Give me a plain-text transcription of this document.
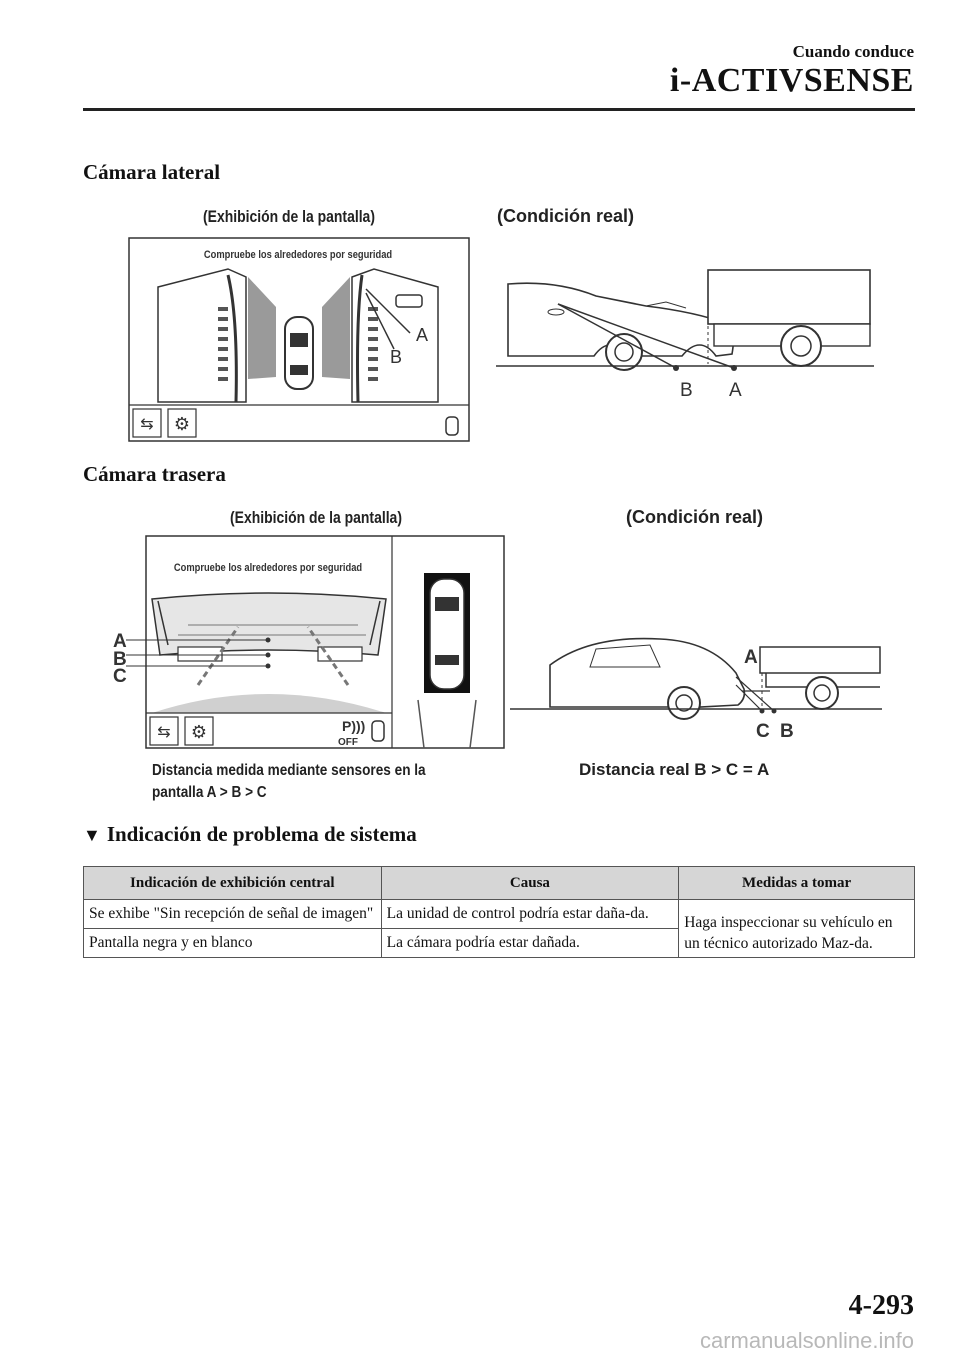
Cuando conduce
i-ACTIVSENSE
Cámara lateral
(Exhibición de la pantalla)	(Condición real)
Compruebe los alrededores por seguridad
A
B
⇆ ⚙
B A
Cámara trasera
(Exhibición de la pantalla)	(Condición real)
Compruebe los alrededores por seguridad
A
B
C
⇆ ⚙	P)))
OFF
A
C B
Distancia medida mediante sensores en la
pantalla A > B > C
Distancia real B > C = A
▼ Indicación de problema de sistema
Indicación de exhibición central	Causa	Medidas a tomar
Se exhibe "Sin recepción de señal de imagen"	La unidad de control podría estar daña-da.	Haga inspeccionar su vehículo en un técnico autorizado Maz-da.
Pantalla negra y en blanco	La cámara podría estar dañada.	
4-293
carmanualsonline.info
